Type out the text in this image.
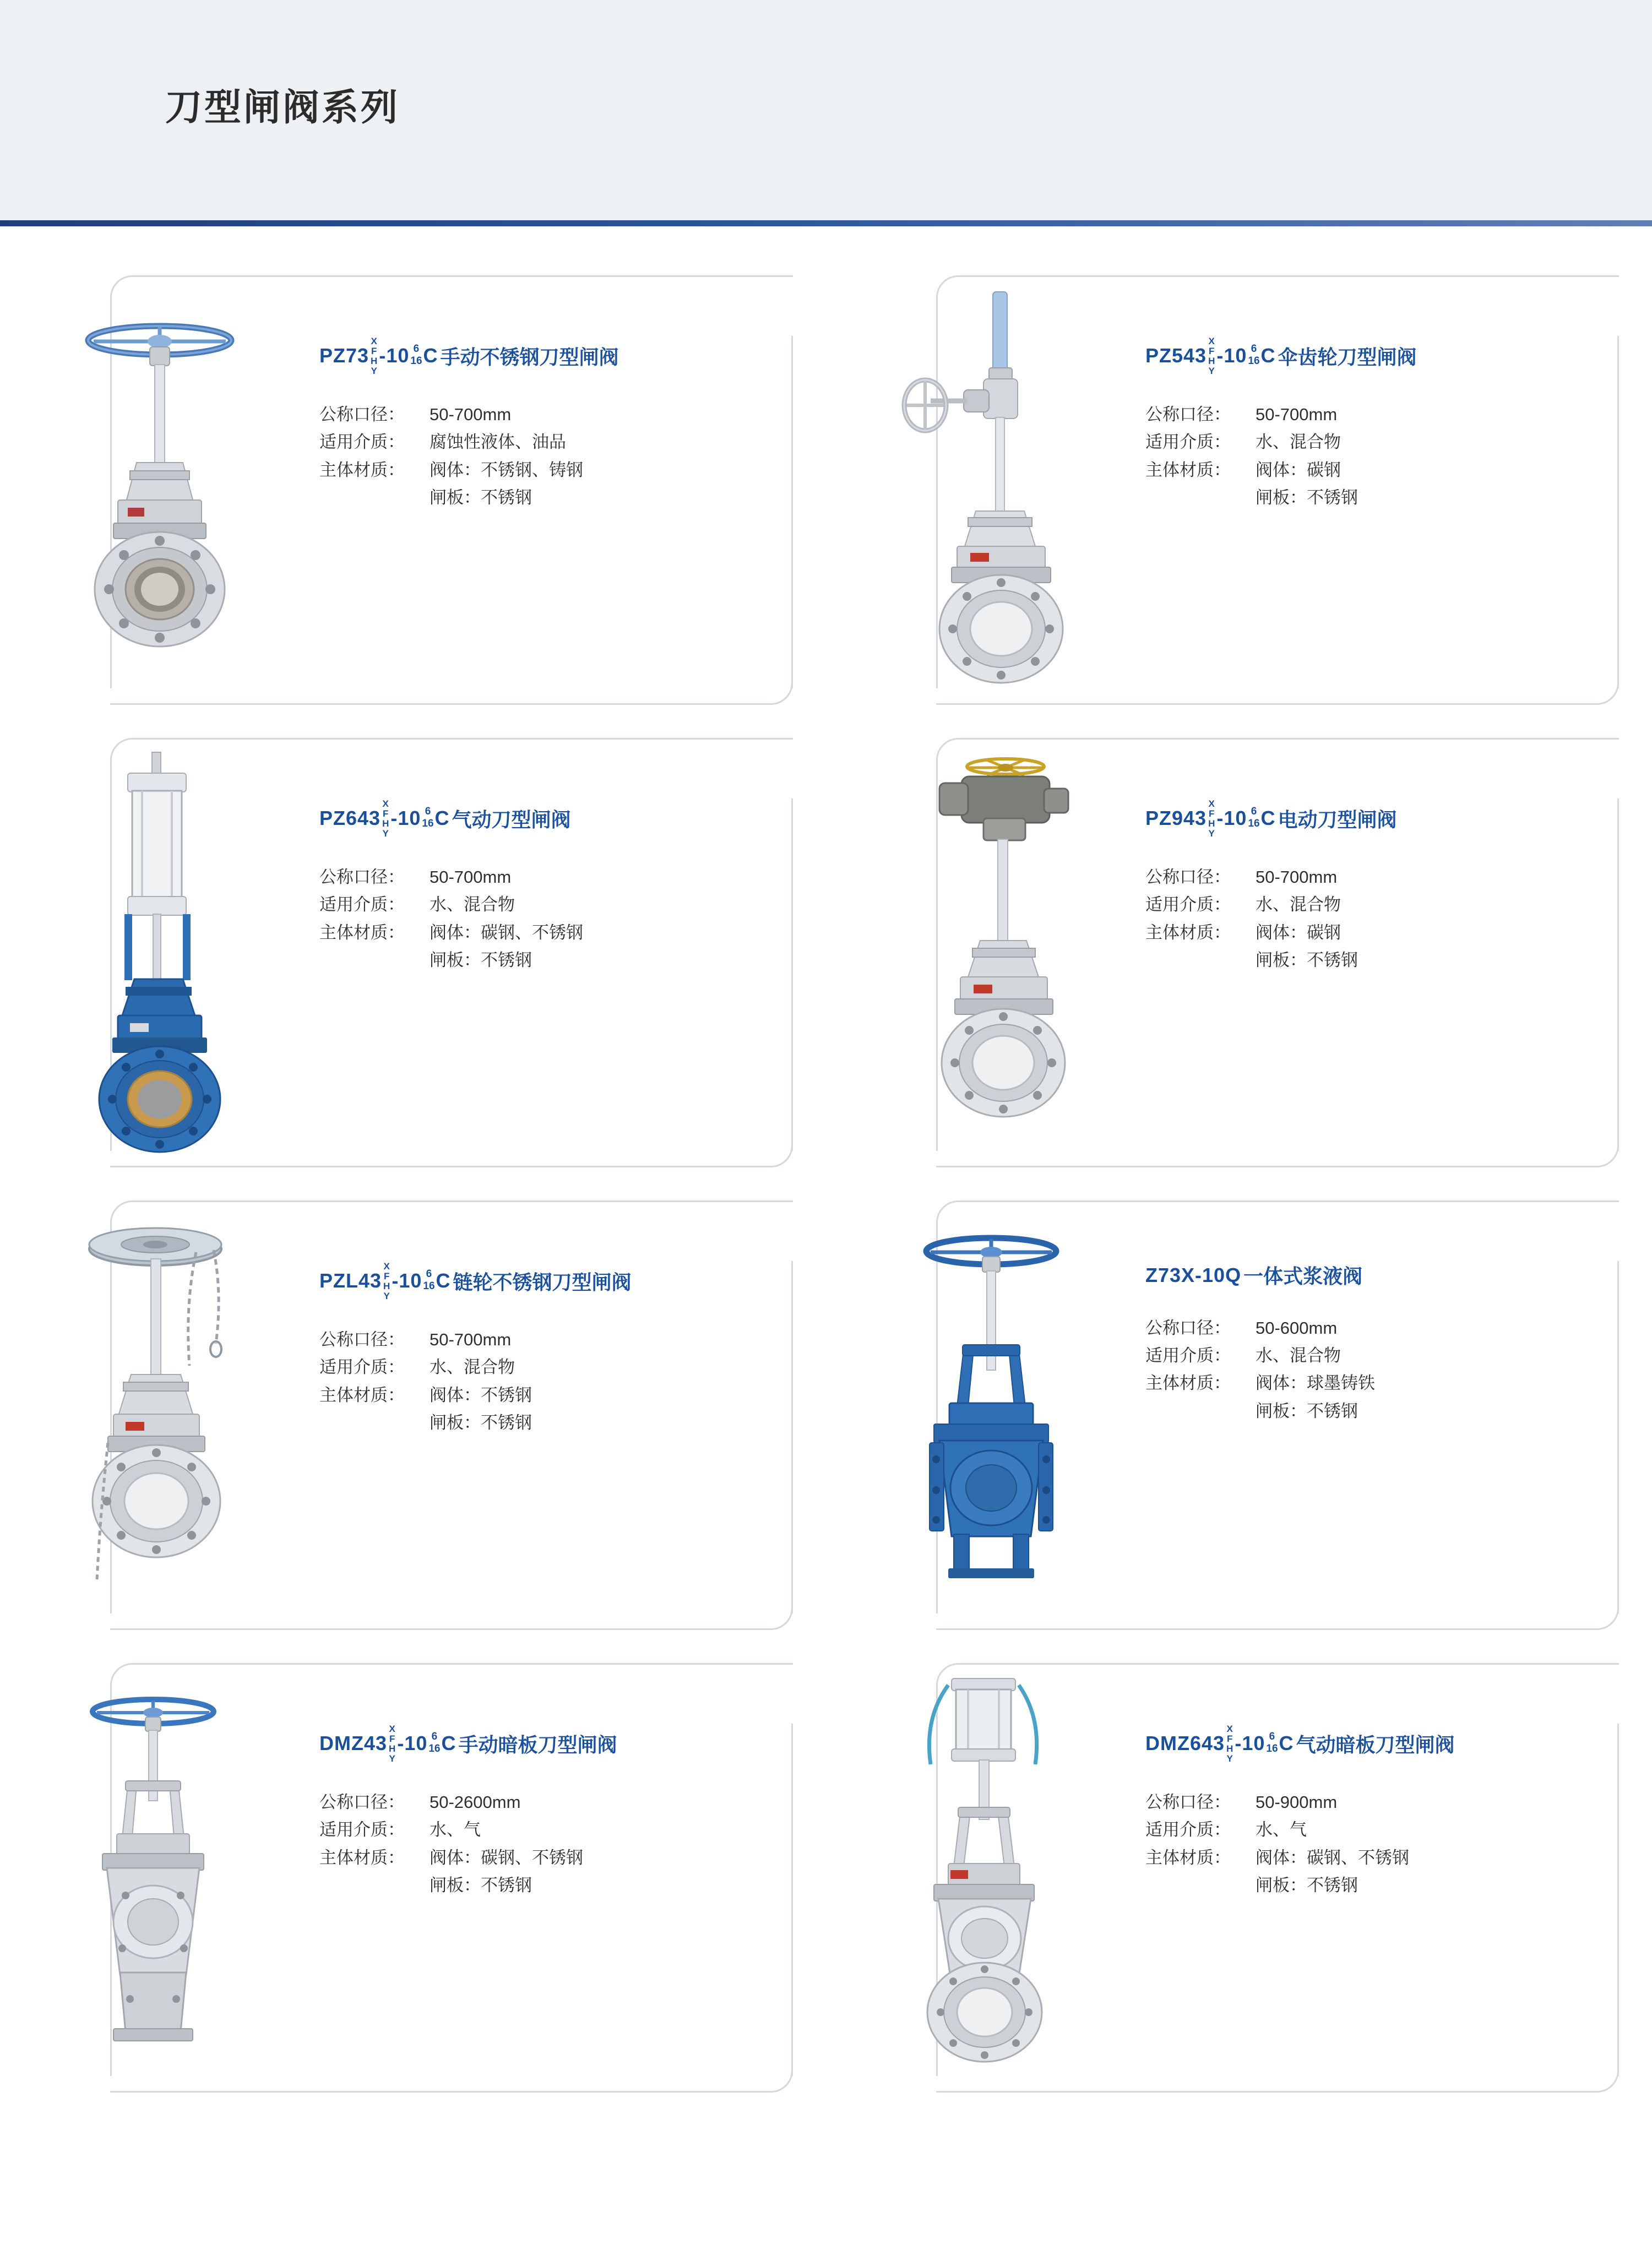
刀型闸阀系列
PZ73
X
F
H
Y
- 10 6
16 C 手动不锈钢刀型闸阀
公称口径：	50-700mm
适用介质：	腐蚀性液体、油品
主体材质：	阀体：不锈钢、铸钢
闸板：不锈钢
PZ543
X
F
H
Y
- 10 6
16 C 伞齿轮刀型闸阀
公称口径：	50-700mm
适用介质：	水、混合物
主体材质：	阀体：碳钢
闸板：不锈钢
PZ643
X
F
H
Y
- 10 6
16 C 气动刀型闸阀
公称口径：	50-700mm
适用介质：	水、混合物
主体材质：	阀体：碳钢、不锈钢
闸板：不锈钢
PZ943
X
F
H
Y
- 10 6
16 C 电动刀型闸阀
公称口径：	50-700mm
适用介质：	水、混合物
主体材质：	阀体：碳钢
闸板：不锈钢
PZL43
X
F
H
Y
- 10 6
16 C 链轮不锈钢刀型闸阀
公称口径：	50-700mm
适用介质：	水、混合物
主体材质：	阀体：不锈钢
闸板：不锈钢
Z73X-10Q 一体式浆液阀
公称口径：	50-600mm
适用介质：	水、混合物
主体材质：	阀体：球墨铸铁
闸板：不锈钢
DMZ43
X
F
H
Y
- 10 6
16 C 手动暗板刀型闸阀
公称口径：	50-2600mm
适用介质：	水、气
主体材质：	阀体：碳钢、不锈钢
闸板：不锈钢
DMZ643
X
F
H
Y
- 10 6
16 C 气动暗板刀型闸阀
公称口径：	50-900mm
适用介质：	水、气
主体材质：	阀体：碳钢、不锈钢
闸板：不锈钢
